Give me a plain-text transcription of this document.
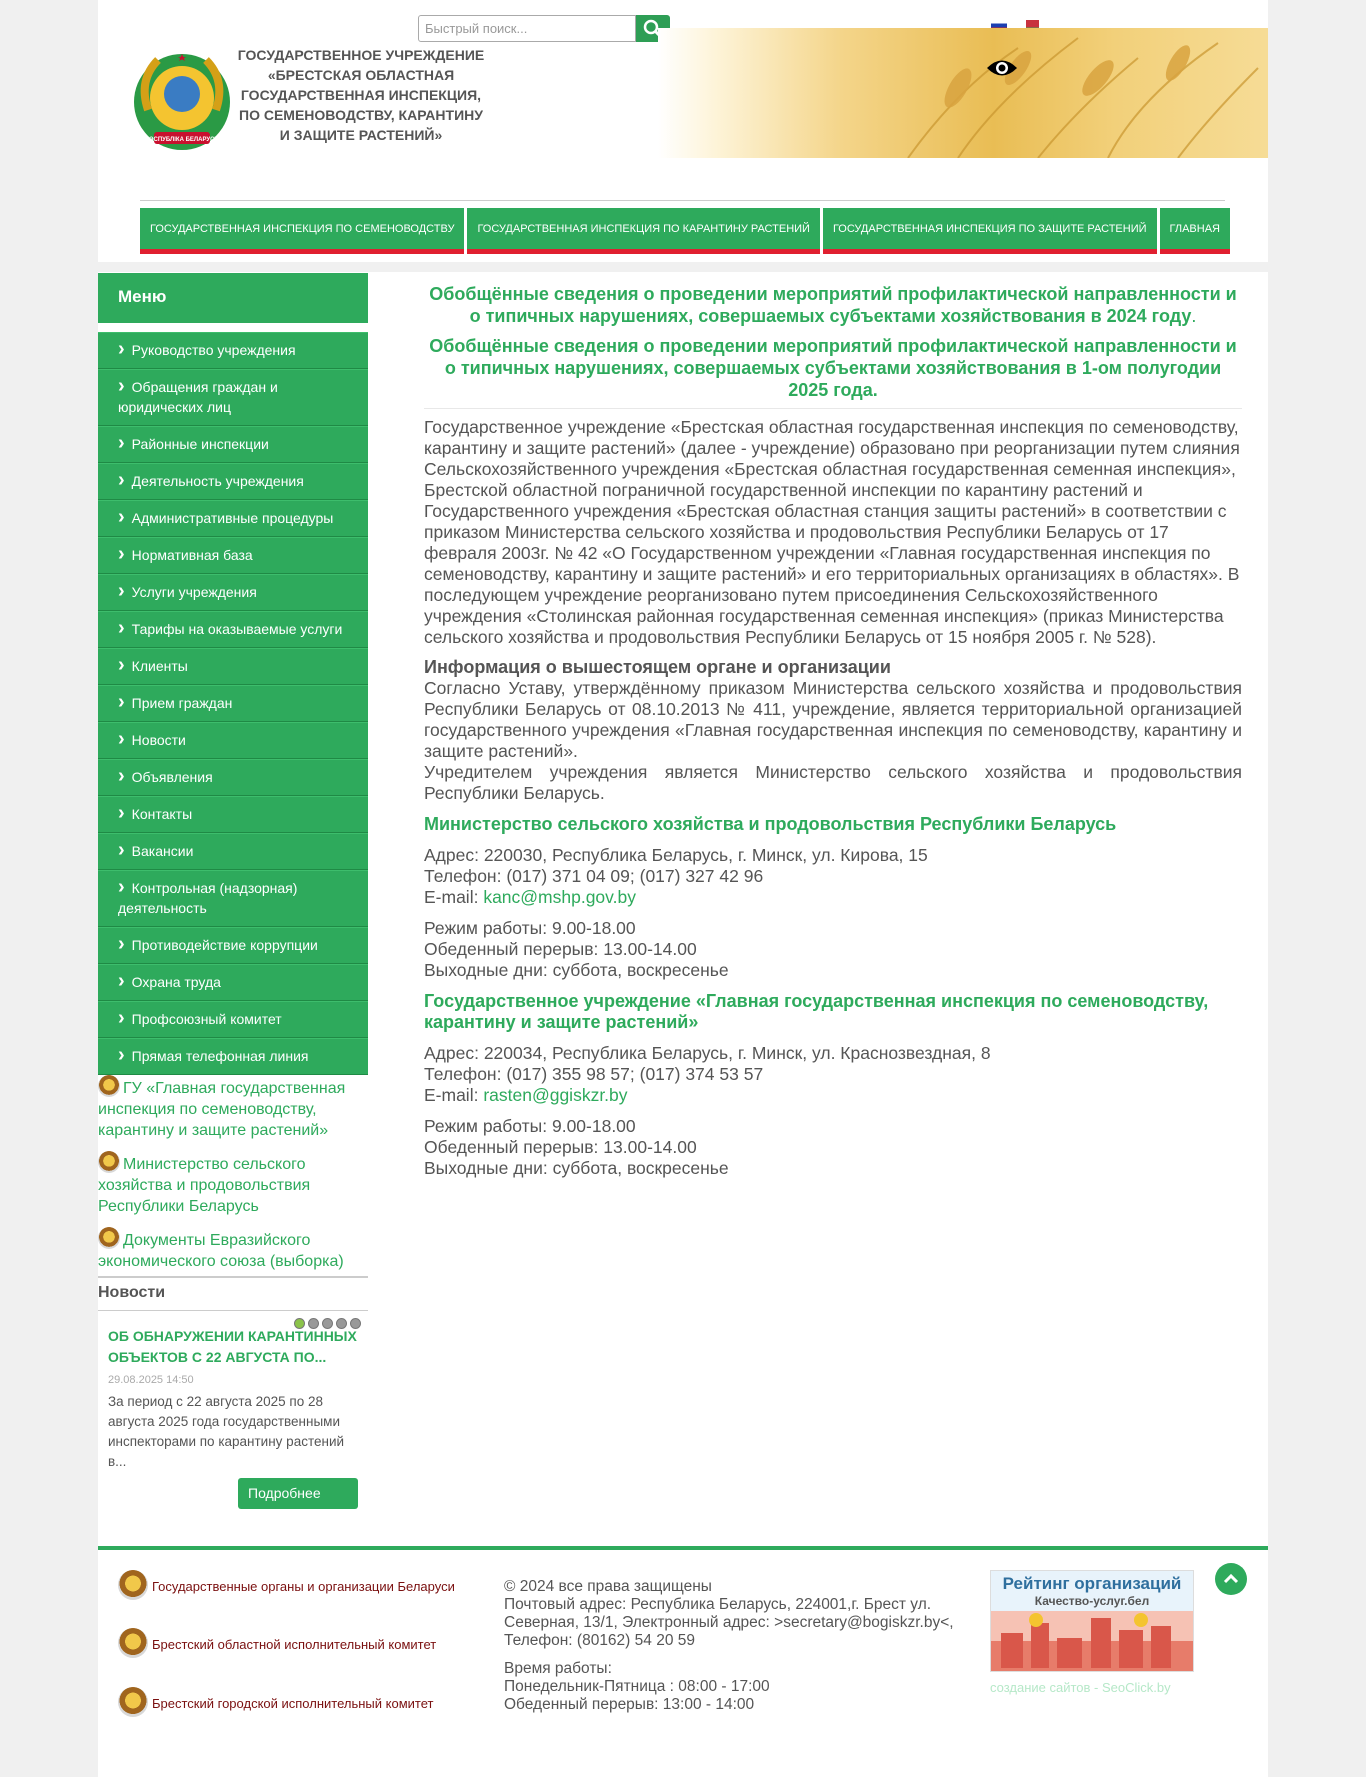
Быстрый поиск...
РЭСПУБЛІКА БЕЛАРУСЬ
ГОСУДАРСТВЕННОЕ УЧРЕЖДЕНИЕ «БРЕСТСКАЯ ОБЛАСТНАЯ ГОСУДАРСТВЕННАЯ ИНСПЕКЦИЯ, ПО СЕМЕНОВОДСТВУ, КАРАНТИНУ И ЗАЩИТЕ РАСТЕНИЙ»
ГОСУДАРСТВЕННАЯ ИНСПЕКЦИЯ ПО СЕМЕНОВОДСТВУ	ГОСУДАРСТВЕННАЯ ИНСПЕКЦИЯ ПО КАРАНТИНУ РАСТЕНИЙ	ГОСУДАРСТВЕННАЯ ИНСПЕКЦИЯ ПО ЗАЩИТЕ РАСТЕНИЙ	ГЛАВНАЯ
Меню
› Руководство учреждения
› Обращения граждан и юридических лиц
› Районные инспекции
› Деятельность учреждения
› Административные процедуры
› Нормативная база
› Услуги учреждения
› Тарифы на оказываемые услуги
› Клиенты
› Прием граждан
› Новости
› Объявления
› Контакты
› Вакансии
› Контрольная (надзорная) деятельность
› Противодействие коррупции
› Охрана труда
› Профсоюзный комитет
› Прямая телефонная линия
ГУ «Главная государственная инспекция по семеноводству, карантину и защите растений»
Министерство сельского хозяйства и продовольствия Республики Беларусь
Документы Евразийского экономического союза (выборка)
Новости
ОБ ОБНАРУЖЕНИИ КАРАНТИННЫХ ОБЪЕКТОВ С 22 АВГУСТА ПО...
29.08.2025 14:50
За период с 22 августа 2025 по 28 августа 2025 года государственными инспекторами по карантину растений в...
Подробнее
Обобщённые сведения о проведении мероприятий профилактической направленности и о типичных нарушениях, совершаемых субъектами хозяйствования в 2024 году.
Обобщённые сведения о проведении мероприятий профилактической направленности и о типичных нарушениях, совершаемых субъектами хозяйствования в 1-ом полугодии 2025 года.
Государственное учреждение «Брестская областная государственная инспекция по семеноводству, карантину и защите растений» (далее - учреждение) образовано при реорганизации путем слияния Сельскохозяйственного учреждения «Брестская областная государственная семенная инспекция», Брестской областной пограничной государственной инспекции по карантину растений и Государственного учреждения «Брестская областная станция защиты растений» в соответствии с приказом Министерства сельского хозяйства и продовольствия Республики Беларусь от 17 февраля 2003г. № 42 «О Государственном учреждении «Главная государственная инспекция по семеноводству, карантину и защите растений» и его территориальных организациях в областях». В последующем учреждение реорганизовано путем присоединения Сельскохозяйственного учреждения «Столинская районная государственная семенная инспекция» (приказ Министерства сельского хозяйства и продовольствия Республики Беларусь от 15 ноября 2005 г. № 528).
Информация о вышестоящем органе и организации
Согласно Уставу, утверждённому приказом Министерства сельского хозяйства и продовольствия Республики Беларусь от 08.10.2013 № 411, учреждение, является территориальной организацией государственного учреждения «Главная государственная инспекция по семеноводству, карантину и защите растений».
Учредителем учреждения является Министерство сельского хозяйства и продовольствия Республики Беларусь.
Министерство сельского хозяйства и продовольствия Республики Беларусь
Адрес: 220030, Республика Беларусь, г. Минск, ул. Кирова, 15
Телефон: (017) 371 04 09; (017) 327 42 96
E-mail: kanc@mshp.gov.by
Режим работы: 9.00-18.00
Обеденный перерыв: 13.00-14.00
Выходные дни: суббота, воскресенье
Государственное учреждение «Главная государственная инспекция по семеноводству, карантину и защите растений»
Адрес: 220034, Республика Беларусь, г. Минск, ул. Краснозвездная, 8
Телефон: (017) 355 98 57; (017) 374 53 57
E-mail: rasten@ggiskzr.by
Режим работы: 9.00-18.00
Обеденный перерыв: 13.00-14.00
Выходные дни: суббота, воскресенье
Государственные органы и организации Беларуси
Брестский областной исполнительный комитет
Брестский городской исполнительный комитет
© 2024 все права защищены
Почтовый адрес: Республика Беларусь, 224001,г. Брест ул. Северная, 13/1, Электронный адрес: >secretary@bogiskzr.by<, Телефон: (80162) 54 20 59
Время работы:
Понедельник-Пятница : 08:00 - 17:00
Обеденный перерыв: 13:00 - 14:00
Рейтинг организаций
Качество-услуг.бел
создание сайтов - SeoClick.by
